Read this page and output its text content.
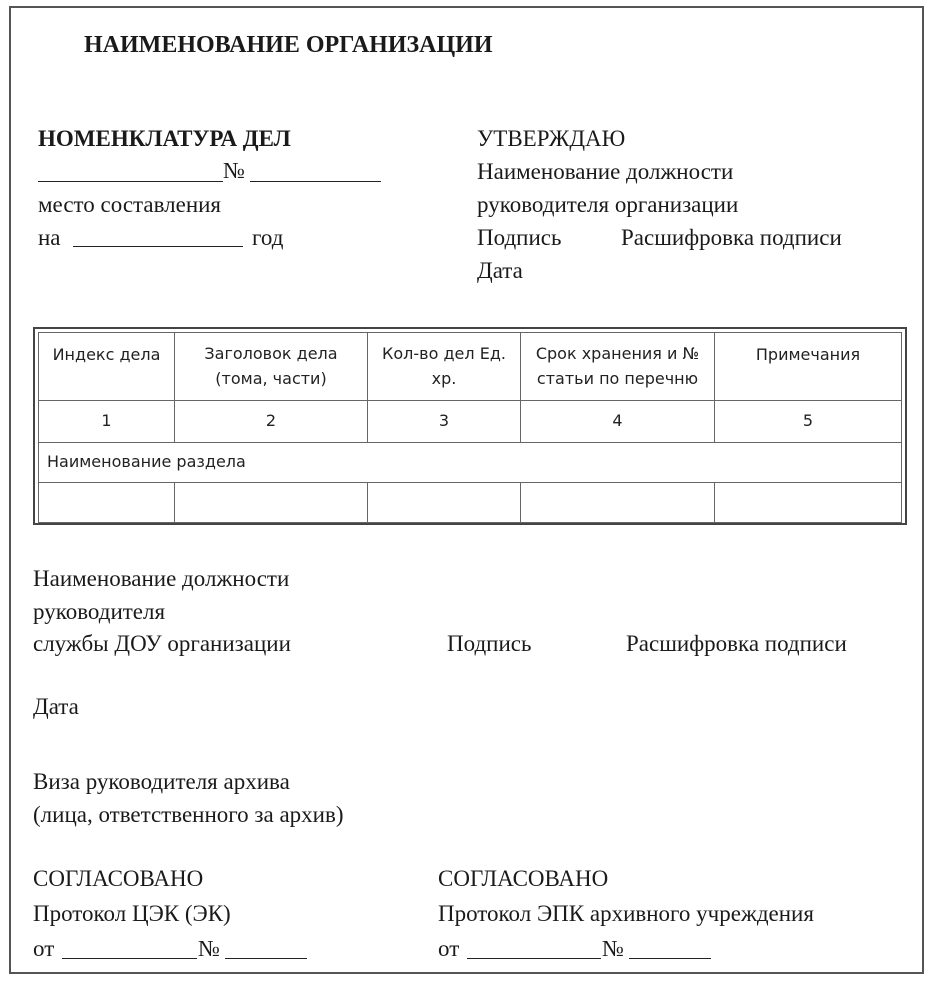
НАИМЕНОВАНИЕ ОРГАНИЗАЦИИ
НОМЕНКЛАТУРА ДЕЛ
№
место составления
на	год
УТВЕРЖДАЮ
Наименование должности
руководителя организации
Подпись	Расшифровка подписи
Дата
Индекс дела	Заголовок дела (тома, части)	Кол-во дел Ед. хр.	Срок хранения и № статьи по перечню	Примечания
1	2	3	4	5
Наименование раздела				

Наименование должности
руководителя
службы ДОУ организации	Подпись	Расшифровка подписи
Дата
Виза руководителя архива
(лица, ответственного за архив)
СОГЛАСОВАНО
Протокол ЦЭК (ЭК)
от	№
СОГЛАСОВАНО
Протокол ЭПК архивного учреждения
от	№
